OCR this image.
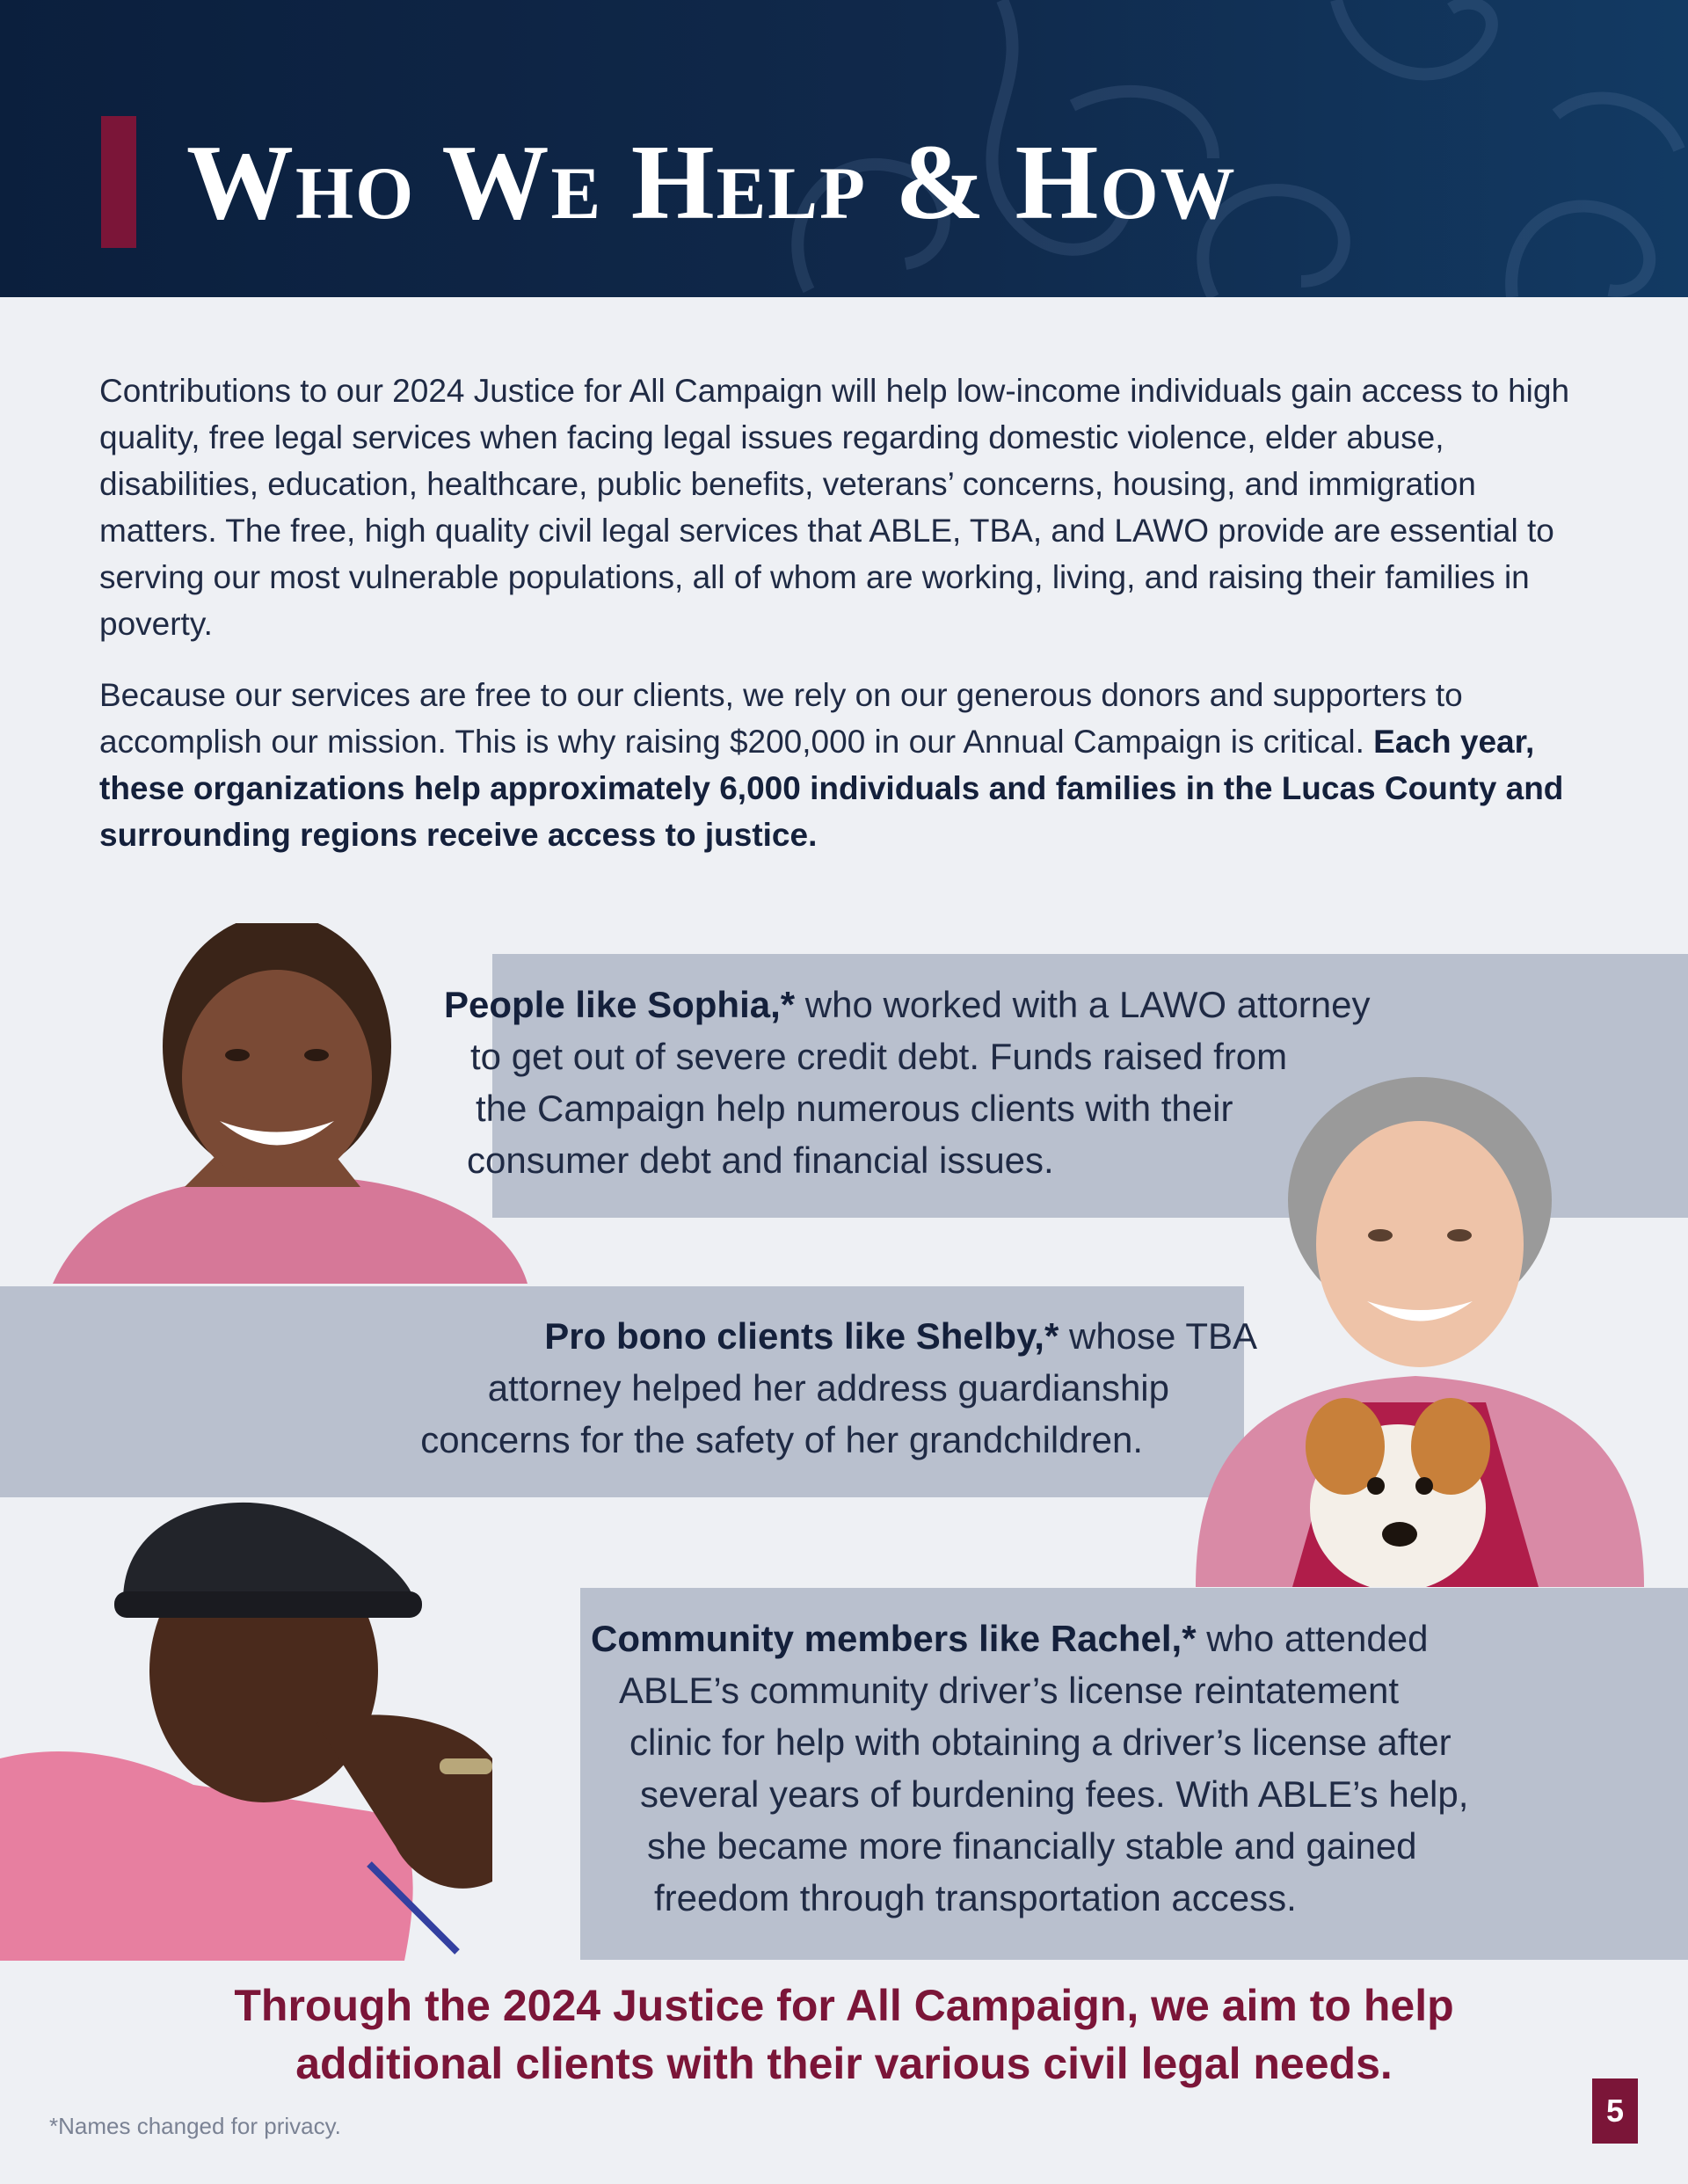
Who We Help & How

Contributions to our 2024 Justice for All Campaign will help low-income individuals gain access to high quality, free legal services when facing legal issues regarding domestic violence, elder abuse, disabilities, education, healthcare, public benefits, veterans’ concerns, housing, and immigration matters. The free, high quality civil legal services that ABLE, TBA, and LAWO provide are essential to serving our most vulnerable populations, all of whom are working, living, and raising their families in poverty.

Because our services are free to our clients, we rely on our generous donors and supporters to accomplish our mission. This is why raising $200,000 in our Annual Campaign is critical. Each year, these organizations help approximately 6,000 individuals and families in the Lucas County and surrounding regions receive access to justice.

People like Sophia,* who worked with a LAWO attorney
to get out of severe credit debt. Funds raised from
the Campaign help numerous clients with their
consumer debt and financial issues.
Pro bono clients like Shelby,* whose TBA
attorney helped her address guardianship
concerns for the safety of her grandchildren.
Community members like Rachel,* who attended
ABLE’s community driver’s license reintatement
clinic for help with obtaining a driver’s license after
several years of burdening fees. With ABLE’s help,
she became more financially stable and gained
freedom through transportation access.
Through the 2024 Justice for All Campaign, we aim to help
additional clients with their various civil legal needs.
*Names changed for privacy.	5
